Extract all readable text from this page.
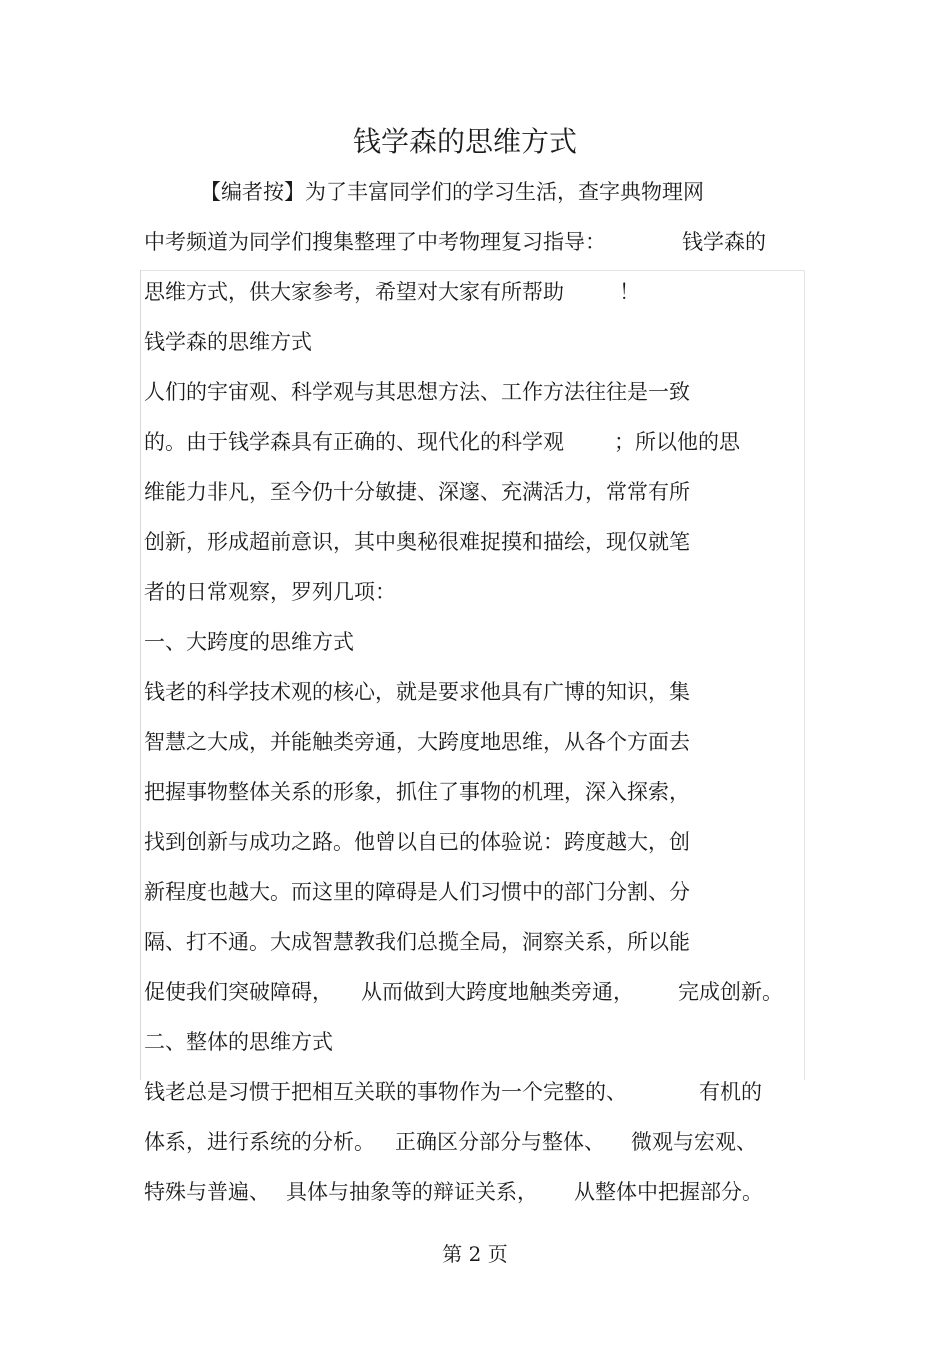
钱学森的思维方式
【编者按】为了丰富同学们的学习生活，查字典物理网
中考频道为同学们搜集整理了中考物理复习指导：	钱学森的
思维方式，供大家参考，希望对大家有所帮助	！
钱学森的思维方式
人们的宇宙观、科学观与其思想方法、工作方法往往是一致
的。由于钱学森具有正确的、现代化的科学观 ；所以他的思
维能力非凡，至今仍十分敏捷、深邃、充满活力，常常有所
创新，形成超前意识，其中奥秘很难捉摸和描绘，现仅就笔
者的日常观察，罗列几项：
一、大跨度的思维方式
钱老的科学技术观的核心，就是要求他具有广博的知识，集
智慧之大成，并能触类旁通，大跨度地思维，从各个方面去
把握事物整体关系的形象，抓住了事物的机理，深入探索，
找到创新与成功之路。他曾以自已的体验说：跨度越大，创
新程度也越大。而这里的障碍是人们习惯中的部门分割、分
隔、打不通。大成智慧教我们总揽全局，洞察关系，所以能
促使我们突破障碍， 从而做到大跨度地触类旁通， 完成创新。
二、整体的思维方式
钱老总是习惯于把相互关联的事物作为一个完整的、	有机的
体系，进行系统的分析。 正确区分部分与整体、 微观与宏观、
特殊与普遍、 具体与抽象等的辩证关系， 从整体中把握部分。
第 2 页
